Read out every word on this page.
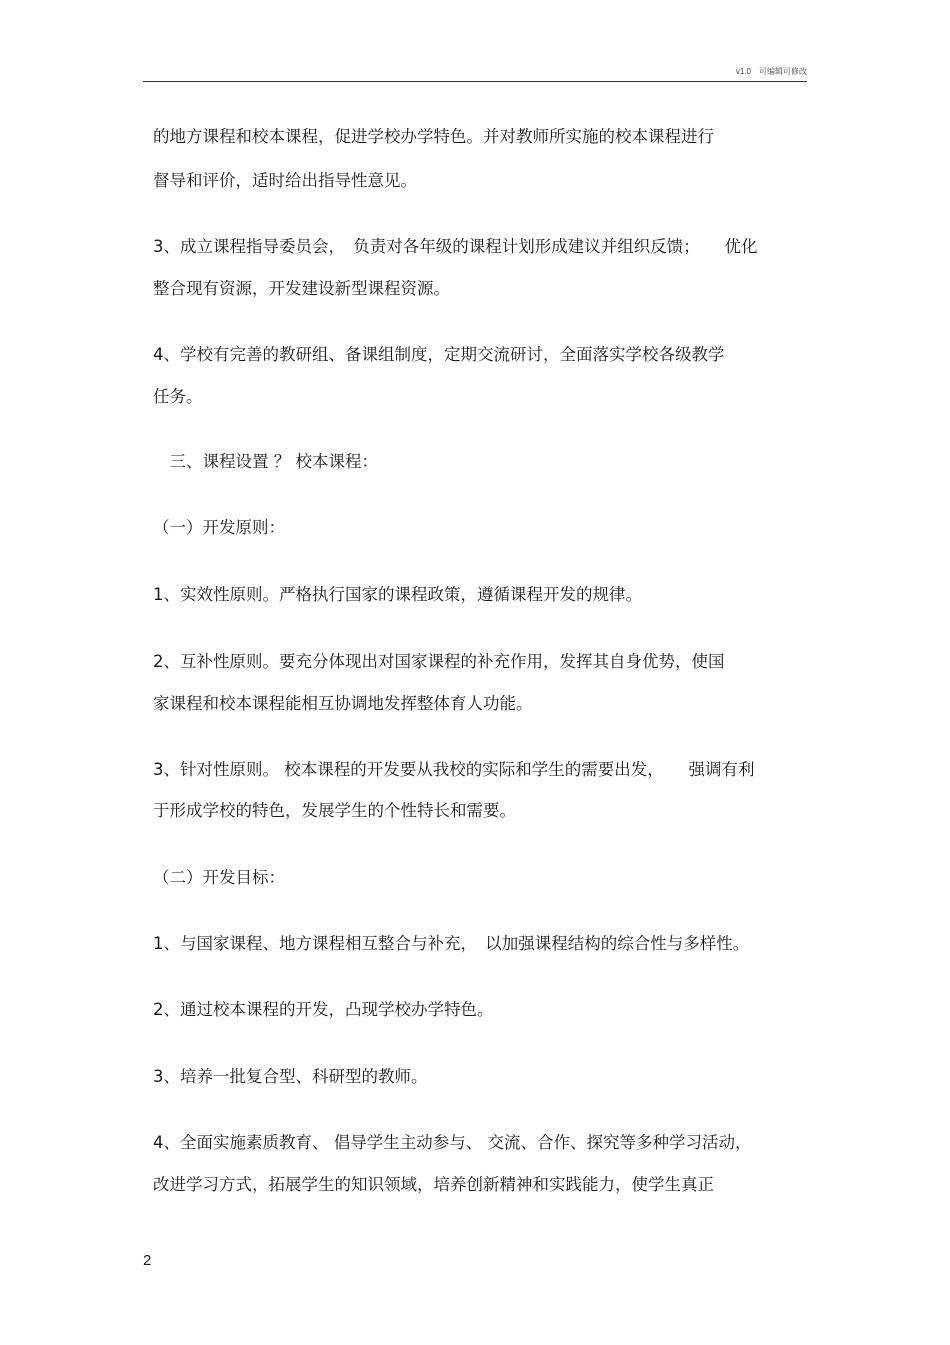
v1.0　可编辑可修改
的地方课程和校本课程，促进学校办学特色。并对教师所实施的校本课程进行
督导和评价，适时给出指导性意见。
3、成立课程指导委员会，　负责对各年级的课程计划形成建议并组织反馈；　　优化
整合现有资源，开发建设新型课程资源。
4、学校有完善的教研组、备课组制度，定期交流研讨，全面落实学校各级教学
任务。
　三、课程设置 ？ 校本课程：
（一）开发原则：
1、实效性原则。严格执行国家的课程政策，遵循课程开发的规律。
2、互补性原则。要充分体现出对国家课程的补充作用，发挥其自身优势，使国
家课程和校本课程能相互协调地发挥整体育人功能。
3、针对性原则。 校本课程的开发要从我校的实际和学生的需要出发，　　强调有利
于形成学校的特色，发展学生的个性特长和需要。
（二）开发目标：
1、与国家课程、地方课程相互整合与补充，　以加强课程结构的综合性与多样性。
2、通过校本课程的开发，凸现学校办学特色。
3、培养一批复合型、科研型的教师。
4、全面实施素质教育、 倡导学生主动参与、 交流、合作、探究等多种学习活动，
改进学习方式，拓展学生的知识领域，培养创新精神和实践能力，使学生真正
2
